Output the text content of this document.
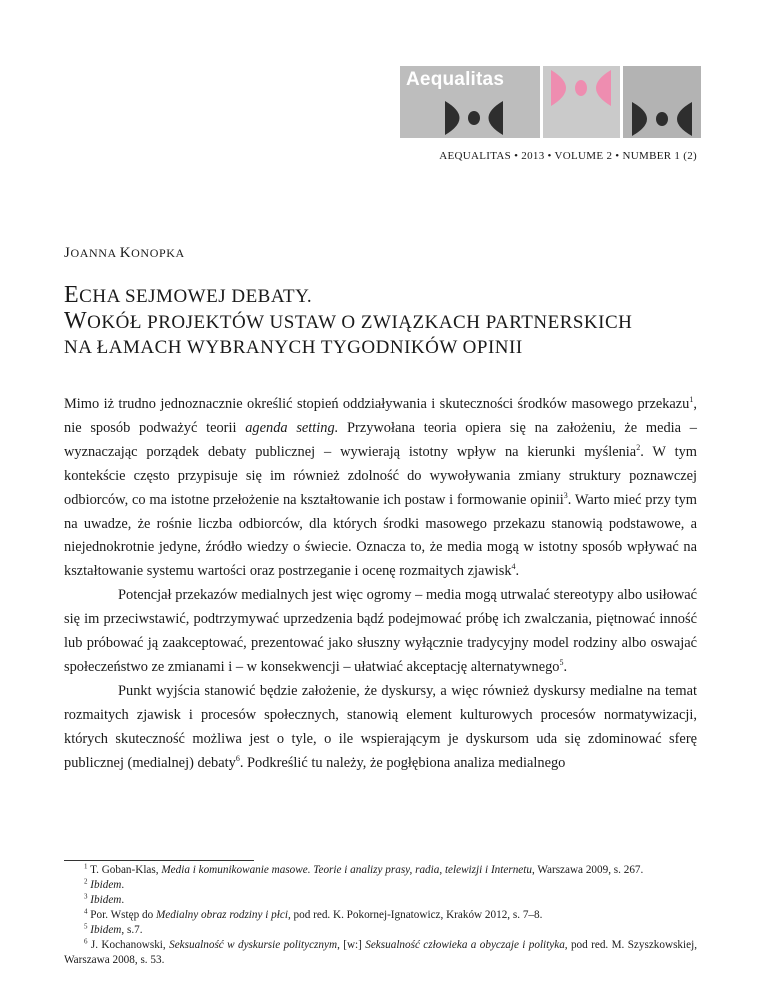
Aequalitas
AEQUALITAS • 2013 • VOLUME 2 • NUMBER 1 (2)
JOANNA KONOPKA
ECHA SEJMOWEJ DEBATY.
WOKÓŁ PROJEKTÓW USTAW O ZWIĄZKACH PARTNERSKICH
NA ŁAMACH WYBRANYCH TYGODNIKÓW OPINII

Mimo iż trudno jednoznacznie określić stopień oddziaływania i skuteczności środków masowego przekazu$^1$, nie sposób podważyć teorii agenda setting. Przywołana teoria opiera się na założeniu, że media – wyznaczając porządek debaty publicznej – wywierają istotny wpływ na kierunki myślenia$^2$. W tym kontekście często przypisuje się im również zdolność do wywoływania zmiany struktury poznawczej odbiorców, co ma istotne przełożenie na kształtowanie ich postaw i formowanie opinii$^3$. Warto mieć przy tym na uwadze, że rośnie liczba odbiorców, dla których środki masowego przekazu stanowią podstawowe, a niejednokrotnie jedyne, źródło wiedzy o świecie. Oznacza to, że media mogą w istotny sposób wpływać na kształtowanie systemu wartości oraz postrzeganie i ocenę rozmaitych zjawisk$^4$.

Potencjał przekazów medialnych jest więc ogromy – media mogą utrwalać stereotypy albo usiłować się im przeciwstawić, podtrzymywać uprzedzenia bądź podejmować próbę ich zwalczania, piętnować inność lub próbować ją zaakceptować, prezentować jako słuszny wyłącznie tradycyjny model rodziny albo oswajać społeczeństwo ze zmianami i – w konsekwencji – ułatwiać akceptację alternatywnego$^5$.

Punkt wyjścia stanowić będzie założenie, że dyskursy, a więc również dyskursy medialne na temat rozmaitych zjawisk i procesów społecznych, stanowią element kulturowych procesów normatywizacji, których skuteczność możliwa jest o tyle, o ile wspierającym je dyskursom uda się zdominować sferę publicznej (medialnej) debaty$^6$. Podkreślić tu należy, że pogłębiona analiza medialnego

$^1$ T. Goban-Klas, Media i komunikowanie masowe. Teorie i analizy prasy, radia, telewizji i Internetu, Warszawa 2009, s. 267.

$^2$ Ibidem.

$^3$ Ibidem.

$^4$ Por. Wstęp do Medialny obraz rodziny i płci, pod red. K. Pokornej-Ignatowicz, Kraków 2012, s. 7–8.

$^5$ Ibidem, s.7.

$^6$ J. Kochanowski, Seksualność w dyskursie politycznym, [w:] Seksualność człowieka a obyczaje i polityka, pod red. M. Szyszkowskiej, Warszawa 2008, s. 53.
